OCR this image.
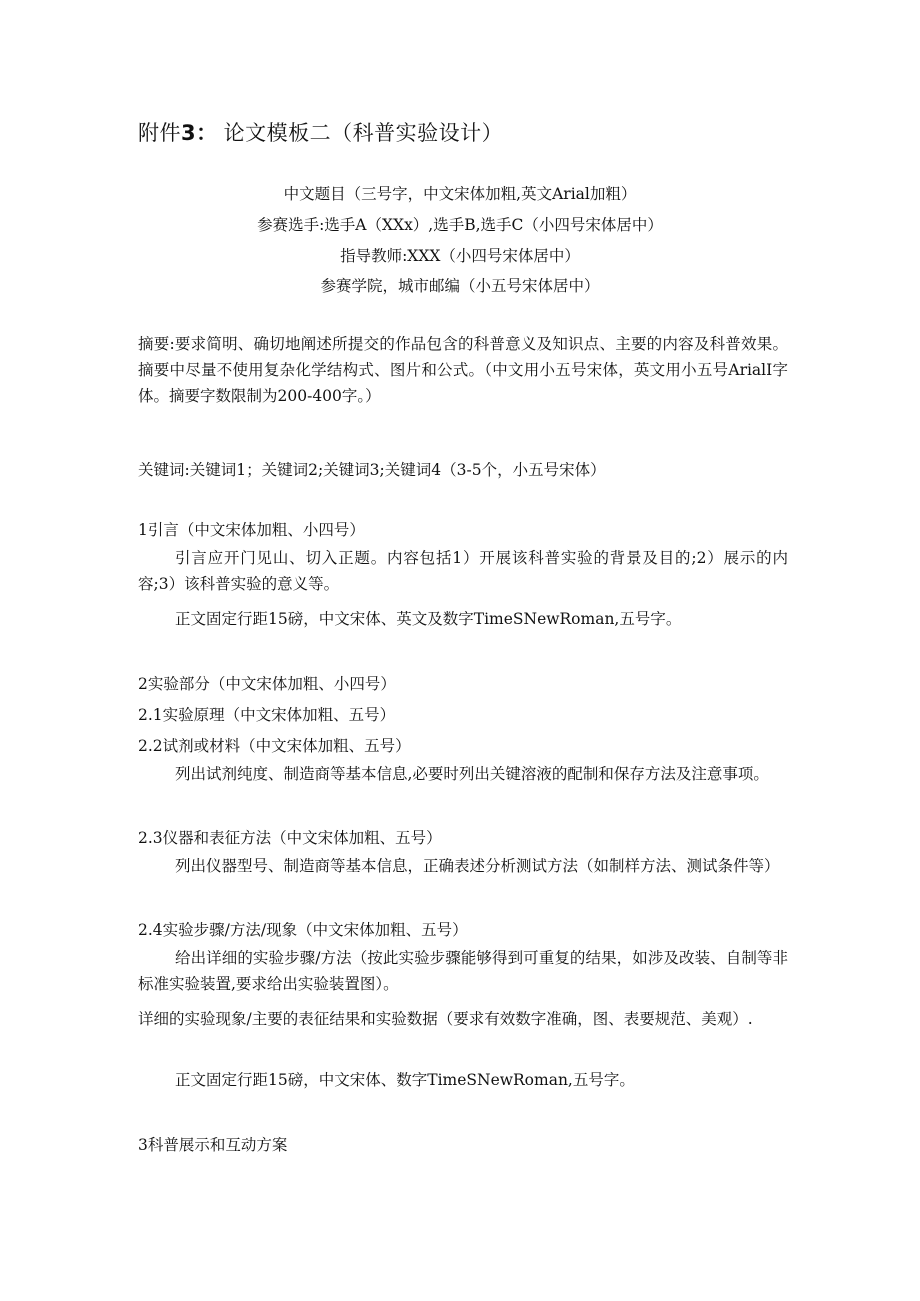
附件3： 论文模板二（科普实验设计）
中文题目（三号字，中文宋体加粗,英文Arial加粗）
参赛选手:选手A（XXx）,选手B,选手C（小四号宋体居中）
指导教师:XXX（小四号宋体居中）
参赛学院，城市邮编（小五号宋体居中）
摘要:要求简明、确切地阐述所提交的作品包含的科普意义及知识点、主要的内容及科普效果。摘要中尽量不使用复杂化学结构式、图片和公式。（中文用小五号宋体，英文用小五号ArialI字体。摘要字数限制为200-400字。）
关键词:关键词1；关键词2;关键词3;关键词4（3-5个，小五号宋体）
1引言（中文宋体加粗、小四号）
引言应开门见山、切入正题。内容包括1）开展该科普实验的背景及目的;2）展示的内容;3）该科普实验的意义等。
正文固定行距15磅，中文宋体、英文及数字TimeSNewRoman,五号字。
2实验部分（中文宋体加粗、小四号）
2.1实验原理（中文宋体加粗、五号）
2.2试剂或材料（中文宋体加粗、五号）
列出试剂纯度、制造商等基本信息,必要时列出关键溶液的配制和保存方法及注意事项。
2.3仪器和表征方法（中文宋体加粗、五号）
列出仪器型号、制造商等基本信息，正确表述分析测试方法（如制样方法、测试条件等）
2.4实验步骤/方法/现象（中文宋体加粗、五号）
给出详细的实验步骤/方法（按此实验步骤能够得到可重复的结果，如涉及改装、自制等非标准实验装置,要求给出实验装置图）。
详细的实验现象/主要的表征结果和实验数据（要求有效数字准确，图、表要规范、美观）.
正文固定行距15磅，中文宋体、数字TimeSNewRoman,五号字。
3科普展示和互动方案
